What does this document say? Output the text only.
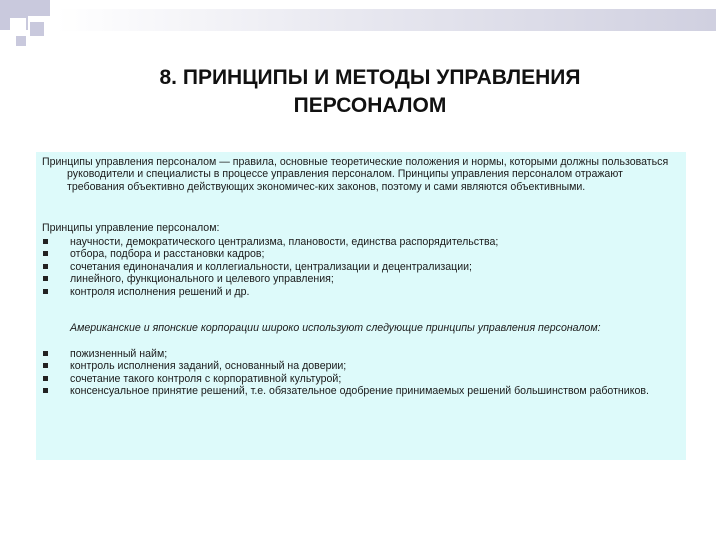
8. ПРИНЦИПЫ И МЕТОДЫ УПРАВЛЕНИЯ
ПЕРСОНАЛОМ
Принципы управления персоналом — правила, основные теоретические положения и нормы, которыми должны пользоваться руководители и специалисты в процессе управления персоналом. Принципы управления персоналом отражают требования объективно действующих экономичес-ких законов, поэтому и сами являются объективными.
Принципы управление персоналом:
научности, демократического централизма, плановости, единства распорядительства;
отбора, подбора и расстановки кадров;
сочетания единоначалия и коллегиальности, централизации и децентрализации;
линейного, функционального и целевого управления;
контроля исполнения решений и др.
Американские и японские корпорации широко используют следующие принципы управления персоналом:
пожизненный найм;
контроль исполнения заданий, основанный на доверии;
сочетание такого контроля с корпоративной культурой;
консенсуальное принятие решений, т.е. обязательное одобрение принимаемых решений большинством работников.
